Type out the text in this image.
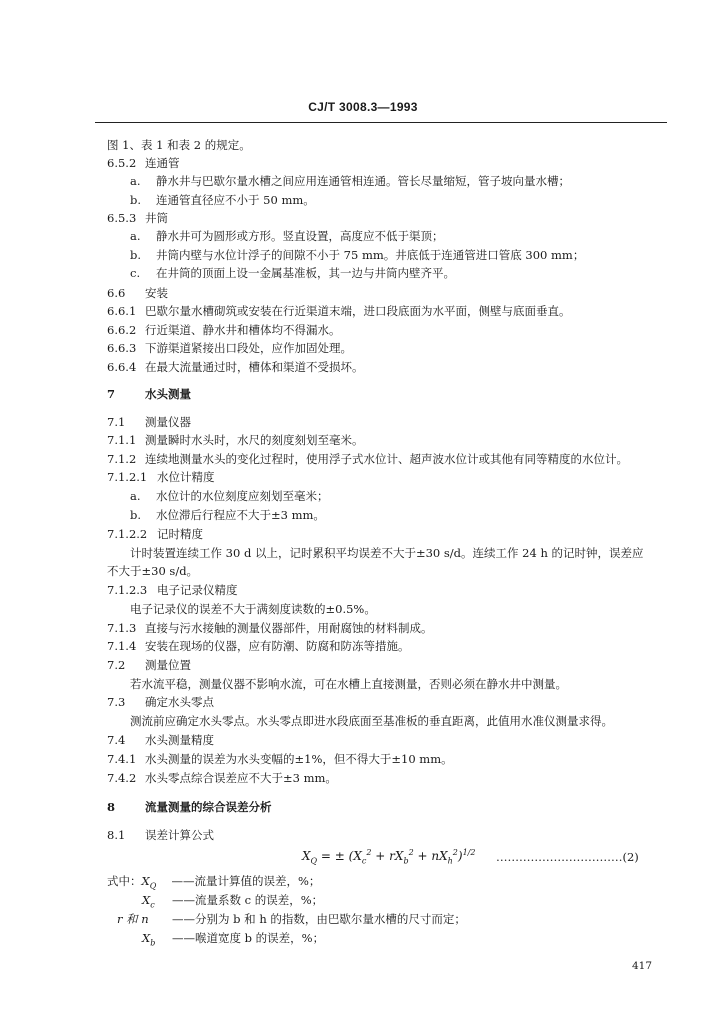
CJ/T 3008.3—1993
图 1、表 1 和表 2 的规定。
6.5.2 连通管
a. 静水井与巴歇尔量水槽之间应用连通管相连通。管长尽量缩短，管子坡向量水槽；
b. 连通管直径应不小于 50 mm。
6.5.3 井筒
a. 静水井可为圆形或方形。竖直设置，高度应不低于渠顶；
b. 井筒内壁与水位计浮子的间隙不小于 75 mm。井底低于连通管进口管底 300 mm；
c. 在井筒的顶面上设一金属基准板，其一边与井筒内壁齐平。
6.6 安装
6.6.1 巴歇尔量水槽砌筑或安装在行近渠道末端，进口段底面为水平面，侧壁与底面垂直。
6.6.2 行近渠道、静水井和槽体均不得漏水。
6.6.3 下游渠道紧接出口段处，应作加固处理。
6.6.4 在最大流量通过时，槽体和渠道不受损坏。
7	水头测量
7.1 测量仪器
7.1.1 测量瞬时水头时，水尺的刻度刻划至毫米。
7.1.2 连续地测量水头的变化过程时，使用浮子式水位计、超声波水位计或其他有同等精度的水位计。
7.1.2.1 水位计精度
a. 水位计的水位刻度应刻划至毫米；
b. 水位滞后行程应不大于±3 mm。
7.1.2.2 记时精度
计时装置连续工作 30 d 以上，记时累积平均误差不大于±30 s/d。连续工作 24 h 的记时钟，误差应
不大于±30 s/d。
7.1.2.3 电子记录仪精度
电子记录仪的误差不大于满刻度读数的±0.5%。
7.1.3 直接与污水接触的测量仪器部件，用耐腐蚀的材料制成。
7.1.4 安装在现场的仪器，应有防潮、防腐和防冻等措施。
7.2 测量位置
若水流平稳，测量仪器不影响水流，可在水槽上直接测量，否则必须在静水井中测量。
7.3 确定水头零点
测流前应确定水头零点。水头零点即进水段底面至基准板的垂直距离，此值用水准仪测量求得。
7.4 水头测量精度
7.4.1 水头测量的误差为水头变幅的±1%，但不得大于±10 mm。
7.4.2 水头零点综合误差应不大于±3 mm。
8	流量测量的综合误差分析
8.1 误差计算公式
$X_Q$ = ± $(X_c^2 + rX_b^2 + nX_h^2)^{1/2}$ ……………………………(2)
式中：$X_Q$ ——流量计算值的误差，%；
$X_c$ ——流量系数 c 的误差，%；
r 和 n ——分别为 b 和 h 的指数，由巴歇尔量水槽的尺寸而定；
$X_b$ ——喉道宽度 b 的误差，%；
417
